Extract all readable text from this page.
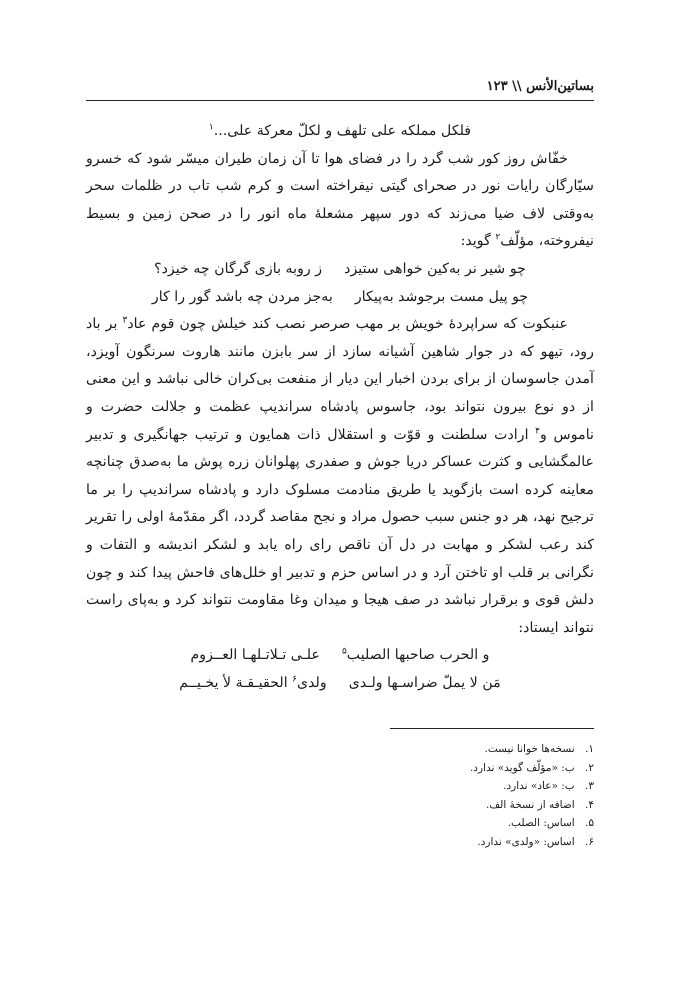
بساتین‌الأنس \\ ۱۲۳

فلکل مملکه علی تلهف و لکلّ معرکة علی...$^۱$

خفّاش روز کور شب گرد را در فضای هوا تا آن زمان طیران میسّر شود که خسرو سیّارگان رایات نور در صحرای گیتی نیفراخته است و کرم شب تاب در ظلمات سحر به‌وقتی لاف ضیا می‌زند که دور سپهر مشعلهٔ ماه انور را در صحن زمین و بسیط نیفروخته، مؤلّف$^۲$ گوید:

چو شیر نر به‌کین خواهی ستیزد
ز روبه بازی گرگان چه خیزد؟
چو پیل مست برجوشد به‌پیکار
به‌جز مردن چه باشد گور را کار

عنبکوت که سراپردهٔ خویش بر مهب صرصر نصب کند خیلش چون قوم عاد$^۳$ بر باد رود، تیهو که در جوار شاهین آشیانه سازد از سر بابزن مانند هاروت سرنگون آویزد، آمدن جاسوسان از برای بردن اخبار این دیار از منفعت بی‌کران خالی نباشد و این معنی از دو نوع بیرون نتواند بود، جاسوس پادشاه سراندیپ عظمت و جلالت حضرت و ناموس و$^۴$ ارادت سلطنت و قوّت و استقلال ذات همایون و ترتیب جهانگیری و تدبیر عالمگشایی و کثرت عساکر دریا جوش و صفدری پهلوانان زره پوش ما به‌صدق چنانچه معاینه کرده است بازگوید یا طریق منادمت مسلوک دارد و پادشاه سراندیپ را بر ما ترجیح نهد، هر دو جنس سبب حصول مراد و نجح مقاصد گردد، اگر مقدّمهٔ اولی را تقریر کند رعب لشکر و مهابت در دل آن ناقص رای راه یابد و لشکر اندیشه و التفات و نگرانی بر قلب او تاختن آرد و در اساس حزم و تدبیر او خلل‌های فاحش پیدا کند و چون دلش قوی و برقرار نباشد در صف هیجا و میدان وغا مقاومت نتواند کرد و به‌پای راست نتواند ایستاد:

و الحرب صاحبها الصلیب$^۵$
علـی تـلاتـلهـا العــزوم
مَن لا یملّ ضراسـها ولـدی
ولدی$^۶$ الحقیـقـة لأ یخـیــم
۱. نسخه‌ها خوانا نیست.
۲. ب: «مؤلّف گوید» ندارد.
۳. ب: «عاد» ندارد.
۴. اضافه از نسخهٔ الف.
۵. اساس: الصلب.
۶. اساس: «ولدی» ندارد.
